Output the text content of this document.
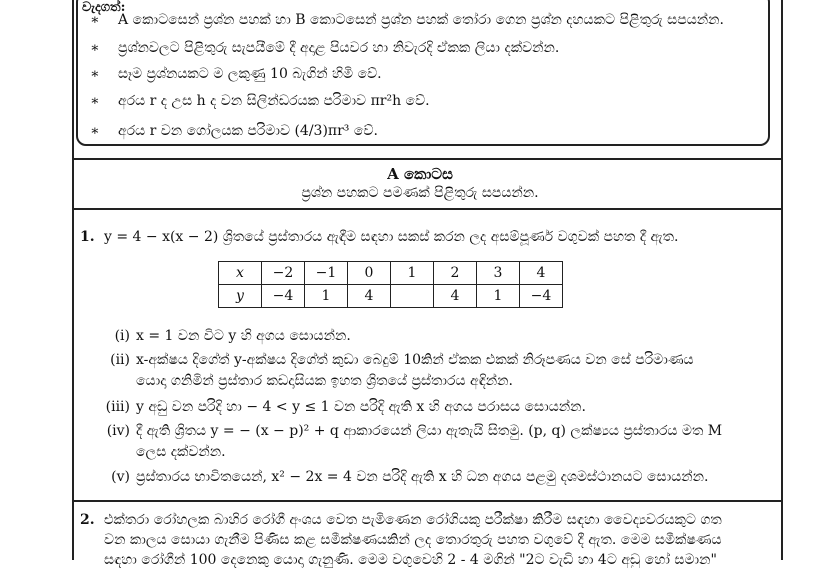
වැදගත්:
∗ A කොටසෙන් ප්‍රශ්න පහක් හා B කොටසෙන් ප්‍රශ්න පහක් තෝරා ගෙන ප්‍රශ්න දහයකට පිළිතුරු සපයන්න.
∗ ප්‍රශ්නවලට පිළිතුරු සැපයීමේ දී අදාළ පියවර හා නිවැරදි ඒකක ලියා දක්වන්න.
∗ සෑම ප්‍රශ්නයකට ම ලකුණු 10 බැගින් හිමි වේ.
∗ අරය r ද උස h ද වන සිලින්ඩරයක පරිමාව πr²h වේ.
∗ අරය r වන ගෝලයක පරිමාව (4/3)πr³ වේ.
A කොටස
ප්‍රශ්න පහකට පමණක් පිළිතුරු සපයන්න.
1. y = 4 − x(x − 2) ශ්‍රිතයේ ප්‍රස්තාරය ඇඳීම සඳහා සකස් කරන ලද අසම්පූර්ණ වගුවක් පහත දී ඇත.
x	−2	−1	0	1	2	3	4
y	−4	1	4		4	1	−4
(i) x = 1 වන විට y හි අගය සොයන්න.
(ii) x-අක්ෂය දිගේත් y-අක්ෂය දිගේත් කුඩා බෙදුම් 10කින් ඒකක එකක් නිරූපණය වන සේ පරිමාණය
යොදා ගනිමින් ප්‍රස්තාර කඩදාසියක ඉහත ශ්‍රිතයේ ප්‍රස්තාරය අඳින්න.
(iii) y අඩු වන පරිදි හා − 4 < y ≤ 1 වන පරිදි ඇති x හි අගය පරාසය සොයන්න.
(iv) දී ඇති ශ්‍රිතය y = − (x − p)² + q ආකාරයෙන් ලියා ඇතැයි සිතමු. (p, q) ලක්ෂ්‍යය ප්‍රස්තාරය මත M
ලෙස දක්වන්න.
(v) ප්‍රස්තාරය භාවිතයෙන්, x² − 2x = 4 වන පරිදි ඇති x හි ධන අගය පළමු දශමස්ථානයට සොයන්න.
2. එක්තරා රෝහලක බාහිර රෝගී අංශය වෙත පැමිණෙන රෝගියකු පරීක්ෂා කිරීම සඳහා වෛද්‍යවරයකුට ගත
වන කාලය සොයා ගැනීම පිණිස කළ සමීක්ෂණයකින් ලද තොරතුරු පහත වගුවේ දී ඇත. මෙම සමීක්ෂණය
සඳහා රෝගීන් 100 දෙනෙකු යොදා ගැනුණි. මෙම වගුවෙහි 2 - 4 මගින් "2ට වැඩි හා 4ට අඩු හෝ සමාන"
